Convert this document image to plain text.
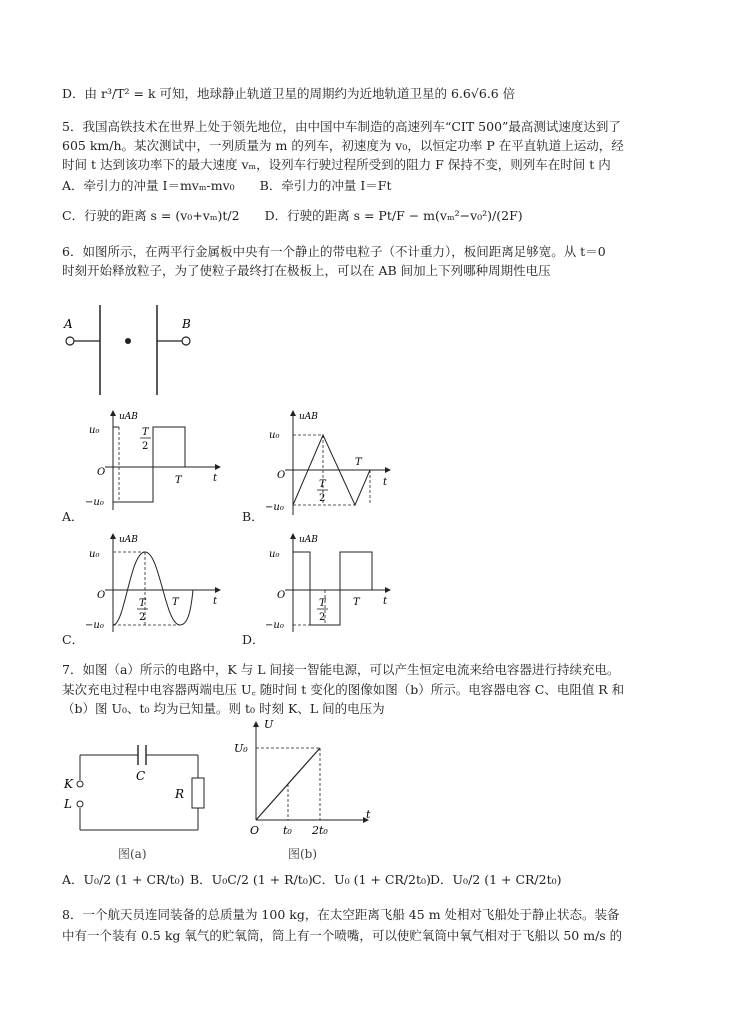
D．由 r³/T² = k 可知，地球静止轨道卫星的周期约为近地轨道卫星的 6.6√6.6 倍
5．我国高铁技术在世界上处于领先地位，由中国中车制造的高速列车“CIT 500”最高测试速度达到了
605 km/h。某次测试中，一列质量为 m 的列车，初速度为 v₀，以恒定功率 P 在平直轨道上运动，经
时间 t 达到该功率下的最大速度 vₘ，设列车行驶过程所受到的阻力 F 保持不变，则列车在时间 t 内
A．牵引力的冲量 I＝mvₘ-mv₀　　B．牵引力的冲量 I＝Ft
C．行驶的距离 s = (v₀+vₘ)t/2　　D．行驶的距离 s = Pt/F − m(vₘ²−v₀²)/(2F)
6．如图所示，在两平行金属板中央有一个静止的带电粒子（不计重力），板间距离足够宽。从 t＝0
时刻开始释放粒子，为了使粒子最终打在极板上，可以在 AB 间加上下列哪种周期性电压
A	B
uAB
u₀
−u₀
O
T
2
T	t
A．
uAB
u₀
−u₀
O
T
2
T
t
B．
uAB
u₀
−u₀
O
T
2
T	t
C．
uAB
u₀
−u₀
O
T
2
T t
D．
7．如图（a）所示的电路中，K 与 L 间接一智能电源，可以产生恒定电流来给电容器进行持续充电。
某次充电过程中电容器两端电压 U꜀ 随时间 t 变化的图像如图（b）所示。电容器电容 C、电阻值 R 和
（b）图 U₀、t₀ 均为已知量。则 t₀ 时刻 K、L 间的电压为
K
L
C
R
图(a)
U
U₀
O t₀ 2t₀
t
图(b)
A．U₀/2 (1 + CR/t₀) B．U₀C/2 (1 + R/t₀) C．U₀ (1 + CR/2t₀) D．U₀/2 (1 + CR/2t₀)
8．一个航天员连同装备的总质量为 100 kg，在太空距离飞船 45 m 处相对飞船处于静止状态。装备
中有一个装有 0.5 kg 氧气的贮氧筒，筒上有一个喷嘴，可以使贮氧筒中氧气相对于飞船以 50 m/s 的
